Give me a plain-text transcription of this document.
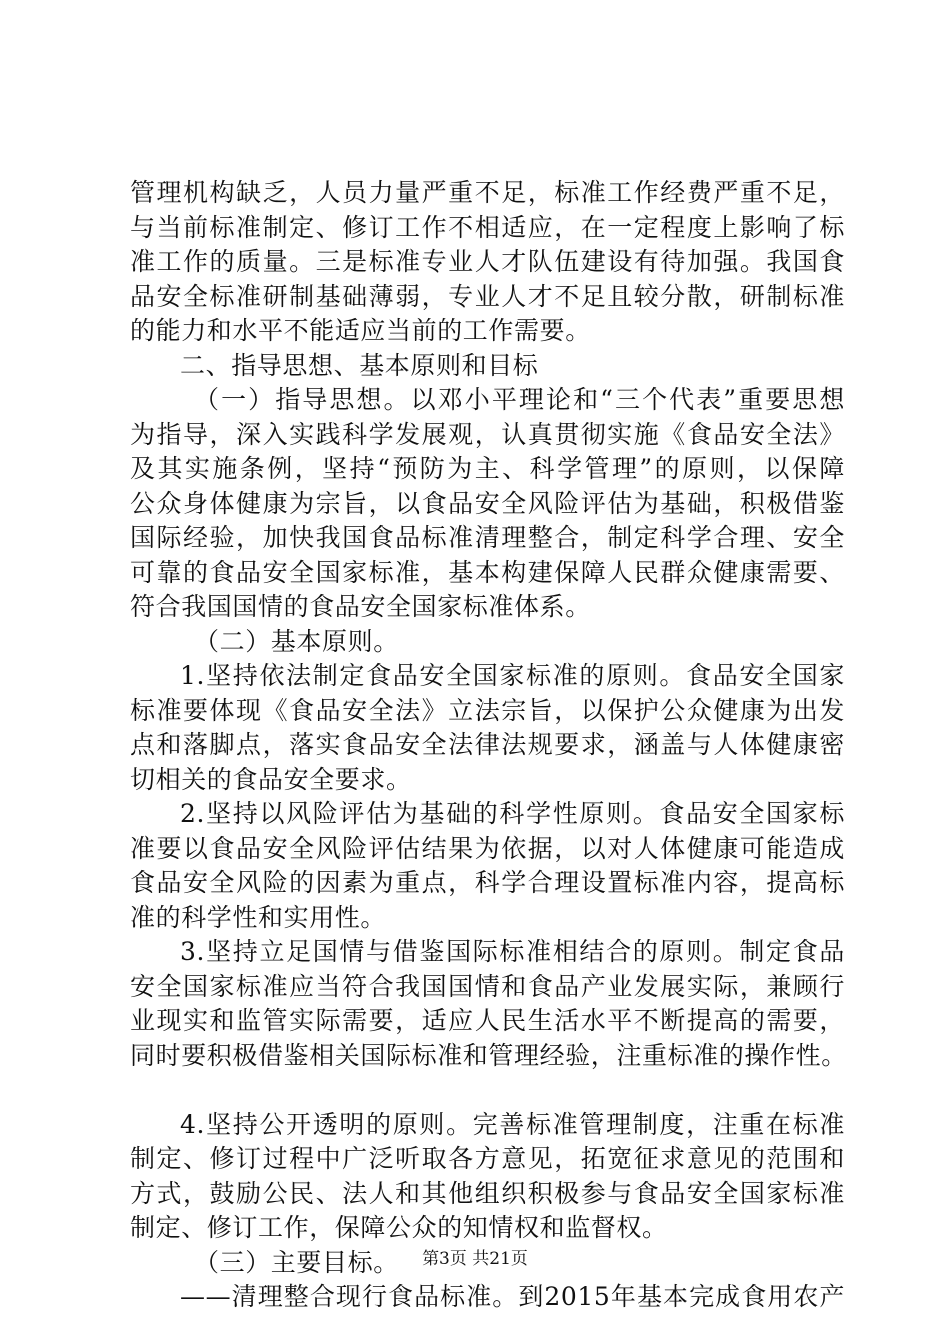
管理机构缺乏，人员力量严重不足，标准工作经费严重不足，
与当前标准制定、修订工作不相适应，在一定程度上影响了标
准工作的质量。三是标准专业人才队伍建设有待加强。我国食
品安全标准研制基础薄弱，专业人才不足且较分散，研制标准
的能力和水平不能适应当前的工作需要。
二、指导思想、基本原则和目标
（一）指导思想。以邓小平理论和“三个代表”重要思想
为指导，深入实践科学发展观，认真贯彻实施《食品安全法》
及其实施条例，坚持“预防为主、科学管理”的原则，以保障
公众身体健康为宗旨，以食品安全风险评估为基础，积极借鉴
国际经验，加快我国食品标准清理整合，制定科学合理、安全
可靠的食品安全国家标准，基本构建保障人民群众健康需要、
符合我国国情的食品安全国家标准体系。
（二）基本原则。
1.坚持依法制定食品安全国家标准的原则。食品安全国家
标准要体现《食品安全法》立法宗旨，以保护公众健康为出发
点和落脚点，落实食品安全法律法规要求，涵盖与人体健康密
切相关的食品安全要求。
2.坚持以风险评估为基础的科学性原则。食品安全国家标
准要以食品安全风险评估结果为依据，以对人体健康可能造成
食品安全风险的因素为重点，科学合理设置标准内容，提高标
准的科学性和实用性。
3.坚持立足国情与借鉴国际标准相结合的原则。制定食品
安全国家标准应当符合我国国情和食品产业发展实际，兼顾行
业现实和监管实际需要，适应人民生活水平不断提高的需要，
同时要积极借鉴相关国际标准和管理经验，注重标准的操作性。
4.坚持公开透明的原则。完善标准管理制度，注重在标准
制定、修订过程中广泛听取各方意见，拓宽征求意见的范围和
方式，鼓励公民、法人和其他组织积极参与食品安全国家标准
制定、修订工作，保障公众的知情权和监督权。
（三）主要目标。
——清理整合现行食品标准。到2015年基本完成食用农产
第3页 共21页
